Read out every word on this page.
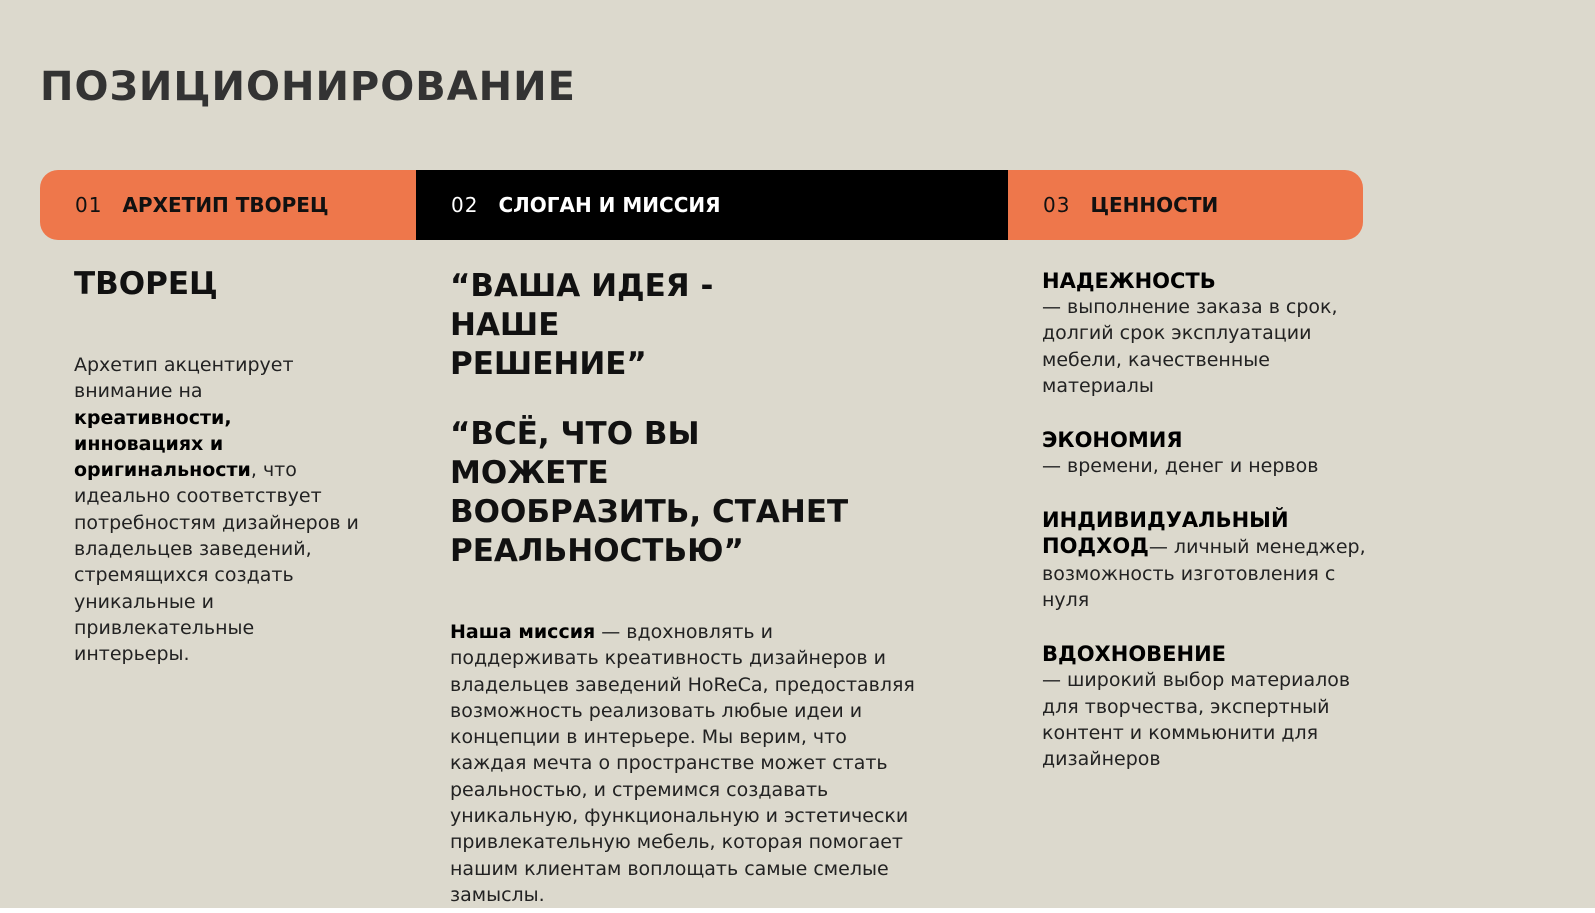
ПОЗИЦИОНИРОВАНИЕ
01 АРХЕТИП ТВОРЕЦ	02 СЛОГАН И МИССИЯ	03 ЦЕННОСТИ
ТВОРЕЦ

Архетип акцентирует внимание на креативности, инновациях и оригинальности, что идеально соответствует потребностям дизайнеров и владельцев заведений, стремящихся создать уникальные и привлекательные интерьеры.

“ВАША ИДЕЯ - НАШЕ РЕШЕНИЕ”

“ВСЁ, ЧТО ВЫ МОЖЕТЕ ВООБРАЗИТЬ, СТАНЕТ РЕАЛЬНОСТЬЮ”

Наша миссия — вдохновлять и поддерживать креативность дизайнеров и владельцев заведений HoReCa, предоставляя возможность реализовать любые идеи и концепции в интерьере. Мы верим, что каждая мечта о пространстве может стать реальностью, и стремимся создавать уникальную, функциональную и эстетически привлекательную мебель, которая помогает нашим клиентам воплощать самые смелые замыслы.

НАДЕЖНОСТЬ
— выполнение заказа в срок, долгий срок эксплуатации мебели, качественные материалы
ЭКОНОМИЯ
— времени, денег и нервов
ИНДИВИДУАЛЬНЫЙ ПОДХОД— личный менеджер, возможность изготовления с нуля
ВДОХНОВЕНИЕ
— широкий выбор материалов для творчества, экспертный контент и коммьюнити для дизайнеров
